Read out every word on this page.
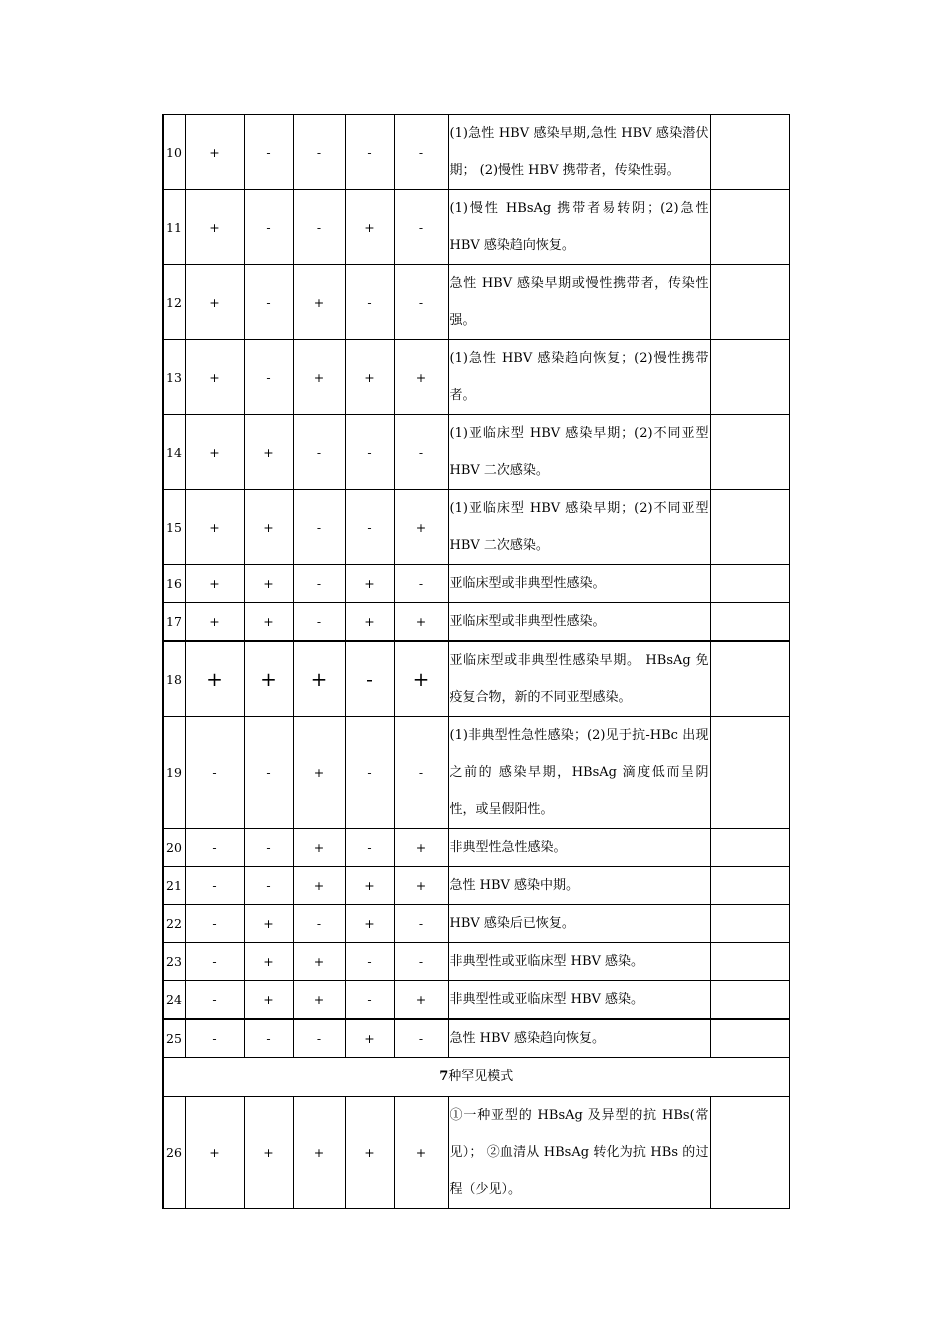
10	+	-	-	-	-	(1)急性 HBV 感染早期,急性 HBV 感染潜伏期； (2)慢性 HBV 携带者，传染性弱。	
11	+	-	-	+	-	(1)慢性 HBsAg 携带者易转阴；(2)急性 HBV 感染趋向恢复。	
12	+	-	+	-	-	急性 HBV 感染早期或慢性携带者，传染性强。	
13	+	-	+	+	+	(1)急性 HBV 感染趋向恢复；(2)慢性携带者。	
14	+	+	-	-	-	(1)亚临床型 HBV 感染早期；(2)不同亚型 HBV 二次感染。	
15	+	+	-	-	+	(1)亚临床型 HBV 感染早期；(2)不同亚型 HBV 二次感染。	
16	+	+	-	+	-	亚临床型或非典型性感染。	
17	+	+	-	+	+	亚临床型或非典型性感染。	
18	+	+	+	-	+	亚临床型或非典型性感染早期。 HBsAg 免疫复合物，新的不同亚型感染。	
19	-	-	+	-	-	(1)非典型性急性感染；(2)见于抗-HBc 出现之前的 感染早期，HBsAg 滴度低而呈阴性，或呈假阳性。	
20	-	-	+	-	+	非典型性急性感染。	
21	-	-	+	+	+	急性 HBV 感染中期。	
22	-	+	-	+	-	HBV 感染后已恢复。	
23	-	+	+	-	-	非典型性或亚临床型 HBV 感染。	
24	-	+	+	-	+	非典型性或亚临床型 HBV 感染。	
25	-	-	-	+	-	急性 HBV 感染趋向恢复。	
7种罕见模式							
26	+	+	+	+	+	①一种亚型的 HBsAg 及异型的抗 HBs(常见）； ②血清从 HBsAg 转化为抗 HBs 的过程（少见）。	
